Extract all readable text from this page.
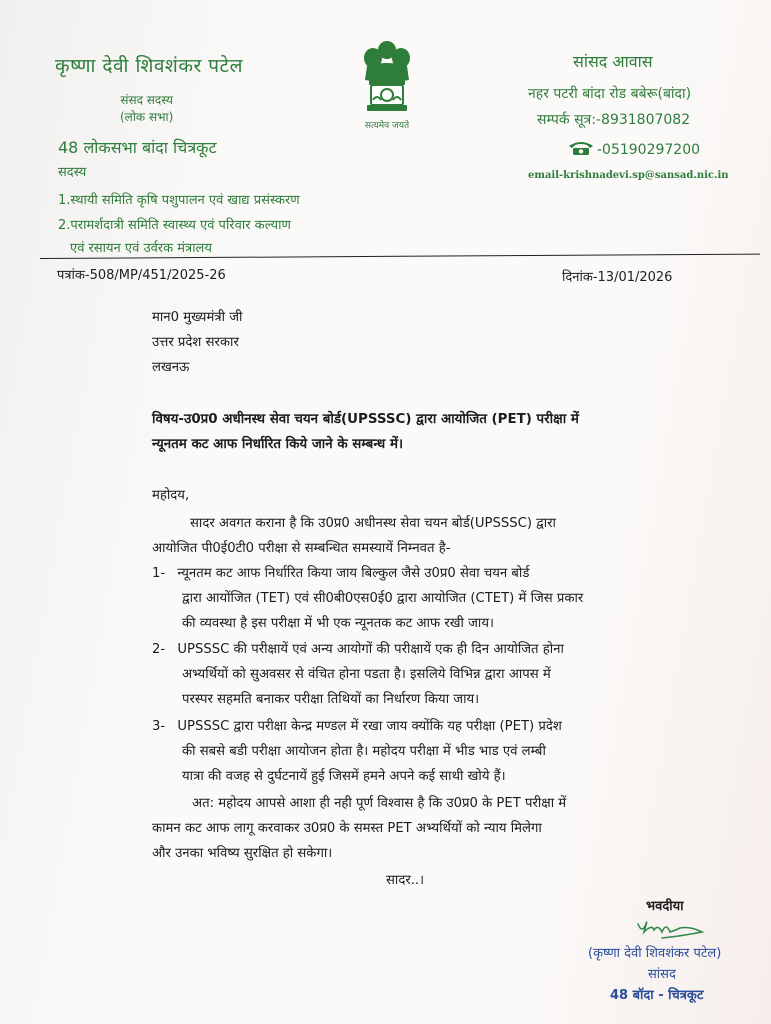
कृष्णा देवी शिवशंकर पटेल
संसद सदस्य
(लोक सभा)
48 लोकसभा बांदा चित्रकूट
सदस्य
1.स्थायी समिति कृषि पशुपालन एवं खाद्य प्रसंस्करण
2.परामर्शदात्री समिति स्वास्थ्य एवं परिवार कल्याण
एवं रसायन एवं उर्वरक मंत्रालय
सत्यमेव जयते
सांसद आवास
नहर पटरी बांदा रोड बबेरू(बांदा)
सम्पर्क सूत्र:-8931807082
-05190297200
email-krishnadevi.sp@sansad.nic.in
पत्रांक-508/MP/451/2025-26	दिनांक-13/01/2026
मान0 मुख्यमंत्री जी
उत्तर प्रदेश सरकार
लखनऊ
विषय-उ0प्र0 अधीनस्थ सेवा चयन बोर्ड(UPSSSC) द्वारा आयोजित (PET) परीक्षा में
न्यूनतम कट आफ निर्धारित किये जाने के सम्बन्ध में।
महोदय,
सादर अवगत कराना है कि उ0प्र0 अधीनस्थ सेवा चयन बोर्ड(UPSSSC) द्वारा
आयोजित पी0ई0टी0 परीक्षा से सम्बन्धित समस्यायें निम्नवत है-
1- न्यूनतम कट आफ निर्धारित किया जाय बिल्कुल जैसे उ0प्र0 सेवा चयन बोर्ड
द्वारा आयोंजित (TET) एवं सी0बी0एस0ई0 द्वारा आयोजित (CTET) में जिस प्रकार
की व्यवस्था है इस परीक्षा में भी एक न्यूनतक कट आफ रखी जाय।
2- UPSSSC की परीक्षायें एवं अन्य आयोगों की परीक्षायें एक ही दिन आयोजित होना
अभ्यर्थियों को सुअवसर से वंचित होना पडता है। इसलिये विभिन्न द्वारा आपस में
परस्पर सहमति बनाकर परीक्षा तिथियों का निर्धारण किया जाय।
3- UPSSSC द्वारा परीक्षा केन्द्र मण्डल में रखा जाय क्योंकि यह परीक्षा (PET) प्रदेश
की सबसे बडी परीक्षा आयोजन होता है। महोदय परीक्षा में भीड भाड एवं लम्बी
यात्रा की वजह से दुर्घटनायें हुई जिसमें हमने अपने कई साथी खोये हैं।
अत: महोदय आपसे आशा ही नही पूर्ण विश्वास है कि उ0प्र0 के PET परीक्षा में
कामन कट आफ लागू करवाकर उ0प्र0 के समस्त PET अभ्यर्थियों को न्याय मिलेगा
और उनका भविष्य सुरक्षित हो सकेगा।
सादर..।
भवदीया
(कृष्णा देवी शिवशंकर पटेल)
सांसद
48 बॉदा - चित्रकूट
